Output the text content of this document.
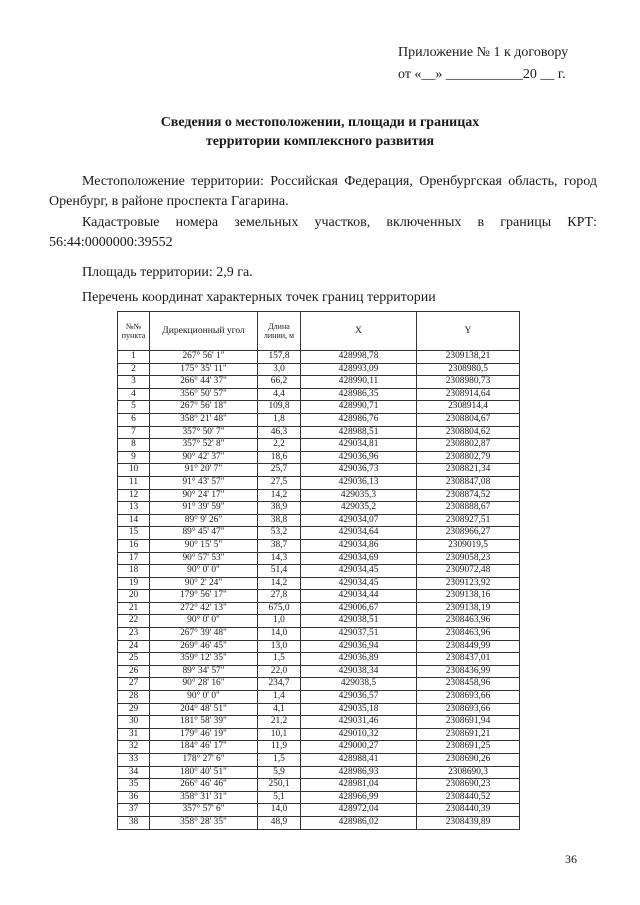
Приложение № 1 к договору
от «__» ___________20 __ г.
Сведения о местоположении, площади и границах
территории комплексного развития
Местоположение территории: Российская Федерация, Оренбургская область, город Оренбург, в районе проспекта Гагарина.
Кадастровые номера земельных участков, включенных в границы КРТ: 56:44:0000000:39552
Площадь территории: 2,9 га.
Перечень координат характерных точек границ территории
№№ пункта	Дирекционный угол	Длина линии, м	X	Y
1	267° 56' 1"	157,8	428998,78	2309138,21
2	175° 35' 11"	3,0	428993,09	2308980,5
3	266° 44' 37"	66,2	428990,11	2308980,73
4	356° 50' 57"	4,4	428986,35	2308914,64
5	267° 56' 18"	109,8	428990,71	2308914,4
6	358° 21' 48"	1,8	428986,76	2308804,67
7	357° 50' 7"	46,3	428988,51	2308804,62
8	357° 52' 8"	2,2	429034,81	2308802,87
9	90° 42' 37"	18,6	429036,96	2308802,79
10	91° 20' 7"	25,7	429036,73	2308821,34
11	91° 43' 57"	27,5	429036,13	2308847,08
12	90° 24' 17"	14,2	429035,3	2308874,52
13	91° 39' 59"	38,9	429035,2	2308888,67
14	89° 9' 26"	38,8	429034,07	2308927,51
15	89° 45' 47"	53,2	429034,64	2308966,27
16	90° 15' 5"	38,7	429034,86	2309019,5
17	90° 57' 53"	14,3	429034,69	2309058,23
18	90° 0' 0"	51,4	429034,45	2309072,48
19	90° 2' 24"	14,2	429034,45	2309123,92
20	179° 56' 17"	27,8	429034,44	2309138,16
21	272° 42' 13"	675,0	429006,67	2309138,19
22	90° 0' 0"	1,0	429038,51	2308463,96
23	267° 39' 48"	14,0	429037,51	2308463,96
24	269° 46' 45"	13,0	429036,94	2308449,99
25	359° 12' 35"	1,5	429036,89	2308437,01
26	89° 34' 57"	22,0	429038,34	2308436,99
27	90° 28' 16"	234,7	429038,5	2308458,96
28	90° 0' 0"	1,4	429036,57	2308693,66
29	204° 48' 51"	4,1	429035,18	2308693,66
30	181° 58' 39"	21,2	429031,46	2308691,94
31	179° 46' 19"	10,1	429010,32	2308691,21
32	184° 46' 17"	11,9	429000,27	2308691,25
33	178° 27' 6"	1,5	428988,41	2308690,26
34	180° 40' 51"	5,9	428986,93	2308690,3
35	266° 46' 46"	250,1	428981,04	2308690,23
36	358° 31' 31"	5,1	428966,99	2308440,52
37	357° 57' 6"	14,0	428972,04	2308440,39
38	358° 28' 35"	48,9	428986,02	2308439,89
36
